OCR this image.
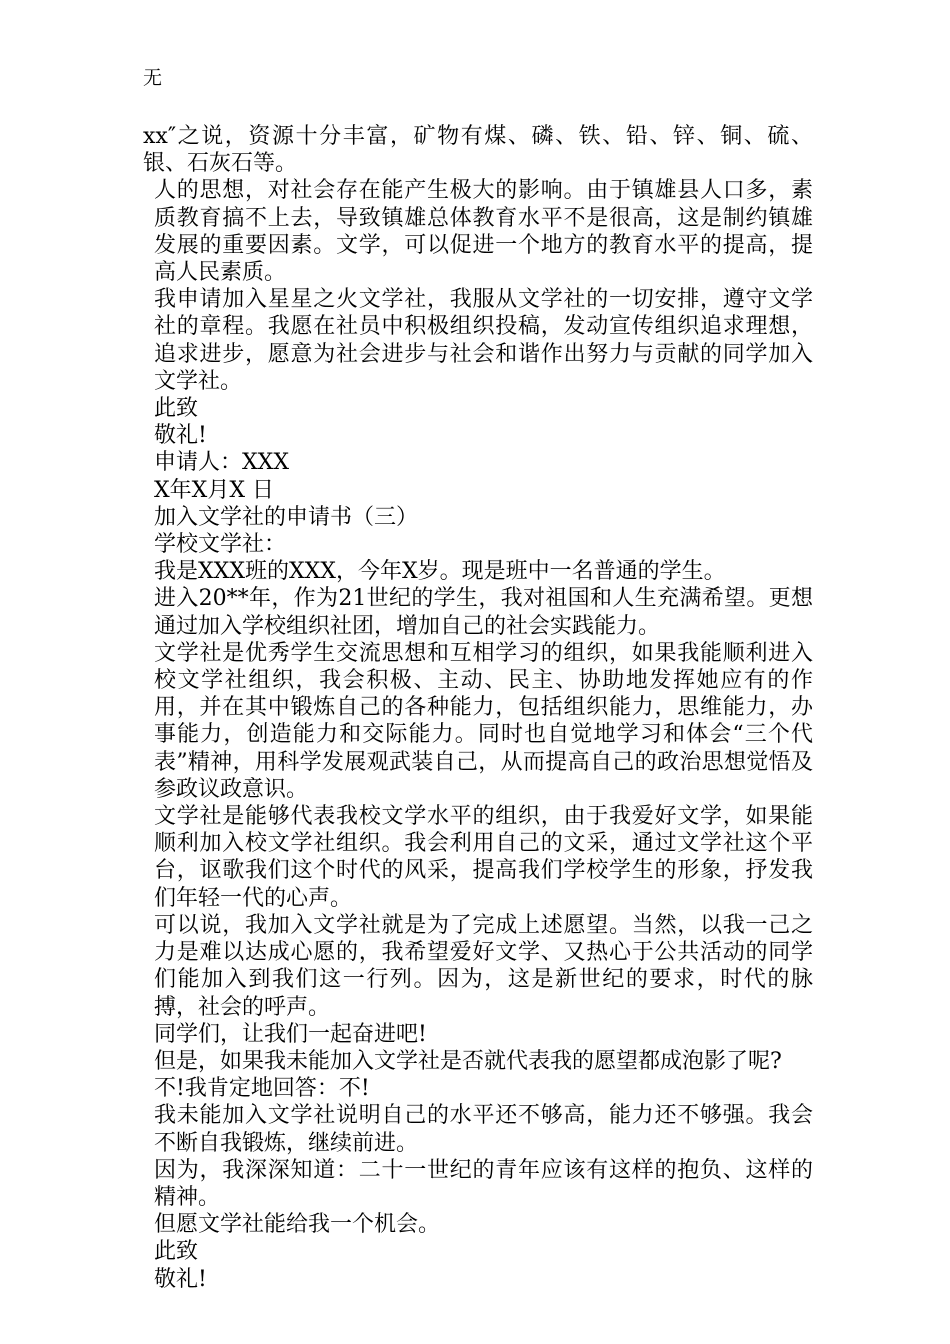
无

xx″之说，资源十分丰富，矿物有煤、磷、铁、铅、锌、铜、硫、银、石灰石等。

人的思想，对社会存在能产生极大的影响。由于镇雄县人口多，素质教育搞不上去，导致镇雄总体教育水平不是很高，这是制约镇雄发展的重要因素。文学，可以促进一个地方的教育水平的提高，提高人民素质。

我申请加入星星之火文学社，我服从文学社的一切安排，遵守文学社的章程。我愿在社员中积极组织投稿，发动宣传组织追求理想，追求进步，愿意为社会进步与社会和谐作出努力与贡献的同学加入文学社。

此致

敬礼!

申请人：XXX

X年X月X 日

加入文学社的申请书（三）

学校文学社：

我是XXX班的XXX，今年X岁。现是班中一名普通的学生。

进入20**年，作为21世纪的学生，我对祖国和人生充满希望。更想通过加入学校组织社团，增加自己的社会实践能力。

文学社是优秀学生交流思想和互相学习的组织，如果我能顺利进入校文学社组织，我会积极、主动、民主、协助地发挥她应有的作用，并在其中锻炼自己的各种能力，包括组织能力，思维能力，办事能力，创造能力和交际能力。同时也自觉地学习和体会“三个代表”精神，用科学发展观武装自己，从而提高自己的政治思想觉悟及参政议政意识。

文学社是能够代表我校文学水平的组织，由于我爱好文学，如果能顺利加入校文学社组织。我会利用自己的文采，通过文学社这个平台，讴歌我们这个时代的风采，提高我们学校学生的形象，抒发我们年轻一代的心声。

可以说，我加入文学社就是为了完成上述愿望。当然，以我一己之力是难以达成心愿的，我希望爱好文学、又热心于公共活动的同学们能加入到我们这一行列。因为，这是新世纪的要求，时代的脉搏，社会的呼声。

同学们，让我们一起奋进吧!

但是，如果我未能加入文学社是否就代表我的愿望都成泡影了呢?

不!我肯定地回答：不!

我未能加入文学社说明自己的水平还不够高，能力还不够强。我会不断自我锻炼，继续前进。

因为，我深深知道：二十一世纪的青年应该有这样的抱负、这样的精神。

但愿文学社能给我一个机会。

此致

敬礼!
